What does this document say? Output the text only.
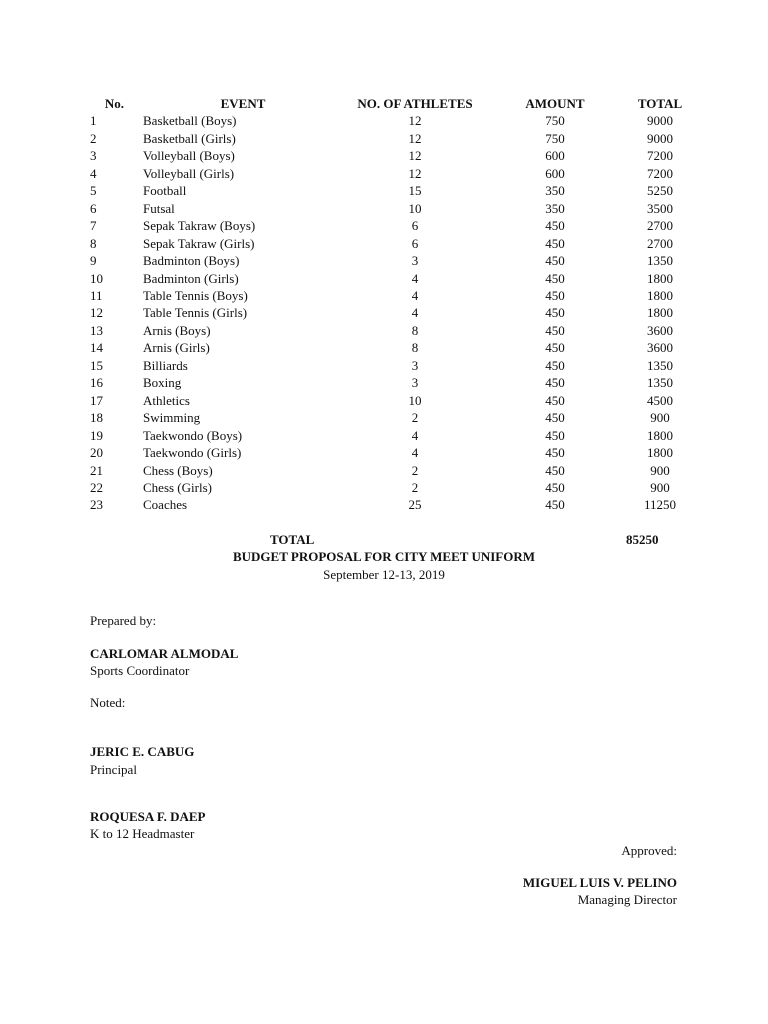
No.	EVENT	NO. OF ATHLETES	AMOUNT	TOTAL
1	Basketball (Boys)	12	750	9000
2	Basketball (Girls)	12	750	9000
3	Volleyball (Boys)	12	600	7200
4	Volleyball (Girls)	12	600	7200
5	Football	15	350	5250
6	Futsal	10	350	3500
7	Sepak Takraw (Boys)	6	450	2700
8	Sepak Takraw (Girls)	6	450	2700
9	Badminton (Boys)	3	450	1350
10	Badminton (Girls)	4	450	1800
11	Table Tennis (Boys)	4	450	1800
12	Table Tennis (Girls)	4	450	1800
13	Arnis (Boys)	8	450	3600
14	Arnis (Girls)	8	450	3600
15	Billiards	3	450	1350
16	Boxing	3	450	1350
17	Athletics	10	450	4500
18	Swimming	2	450	900
19	Taekwondo (Boys)	4	450	1800
20	Taekwondo (Girls)	4	450	1800
21	Chess (Boys)	2	450	900
22	Chess (Girls)	2	450	900
23	Coaches	25	450	11250
TOTAL	85250
BUDGET PROPOSAL FOR CITY MEET UNIFORM
September 12-13, 2019
Prepared by:
CARLOMAR ALMODAL
Sports Coordinator
Noted:
JERIC E. CABUG
Principal
ROQUESA F. DAEP
K to 12 Headmaster
Approved:
MIGUEL LUIS V. PELINO
Managing Director
